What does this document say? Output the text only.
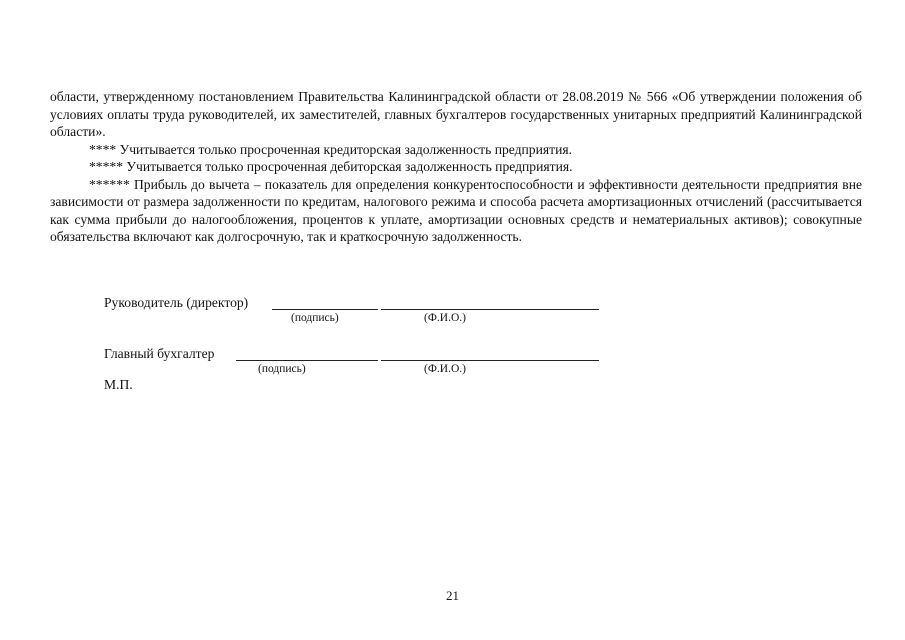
области, утвержденному постановлением Правительства Калининградской области от 28.08.2019 № 566 «Об утверждении положения об условиях оплаты труда руководителей, их заместителей, главных бухгалтеров государственных унитарных предприятий Калининградской области».

**** Учитывается только просроченная кредиторская задолженность предприятия.

***** Учитывается только просроченная дебиторская задолженность предприятия.

****** Прибыль до вычета – показатель для определения конкурентоспособности и эффективности деятельности предприятия вне зависимости от размера задолженности по кредитам, налогового режима и способа расчета амортизационных отчислений (рассчитывается как сумма прибыли до налогообложения, процентов к уплате, амортизации основных средств и нематериальных активов); совокупные обязательства включают как долгосрочную, так и краткосрочную задолженность.

Руководитель (директор)
(подпись)	(Ф.И.О.)
Главный бухгалтер
(подпись)	(Ф.И.О.)
М.П.
21
